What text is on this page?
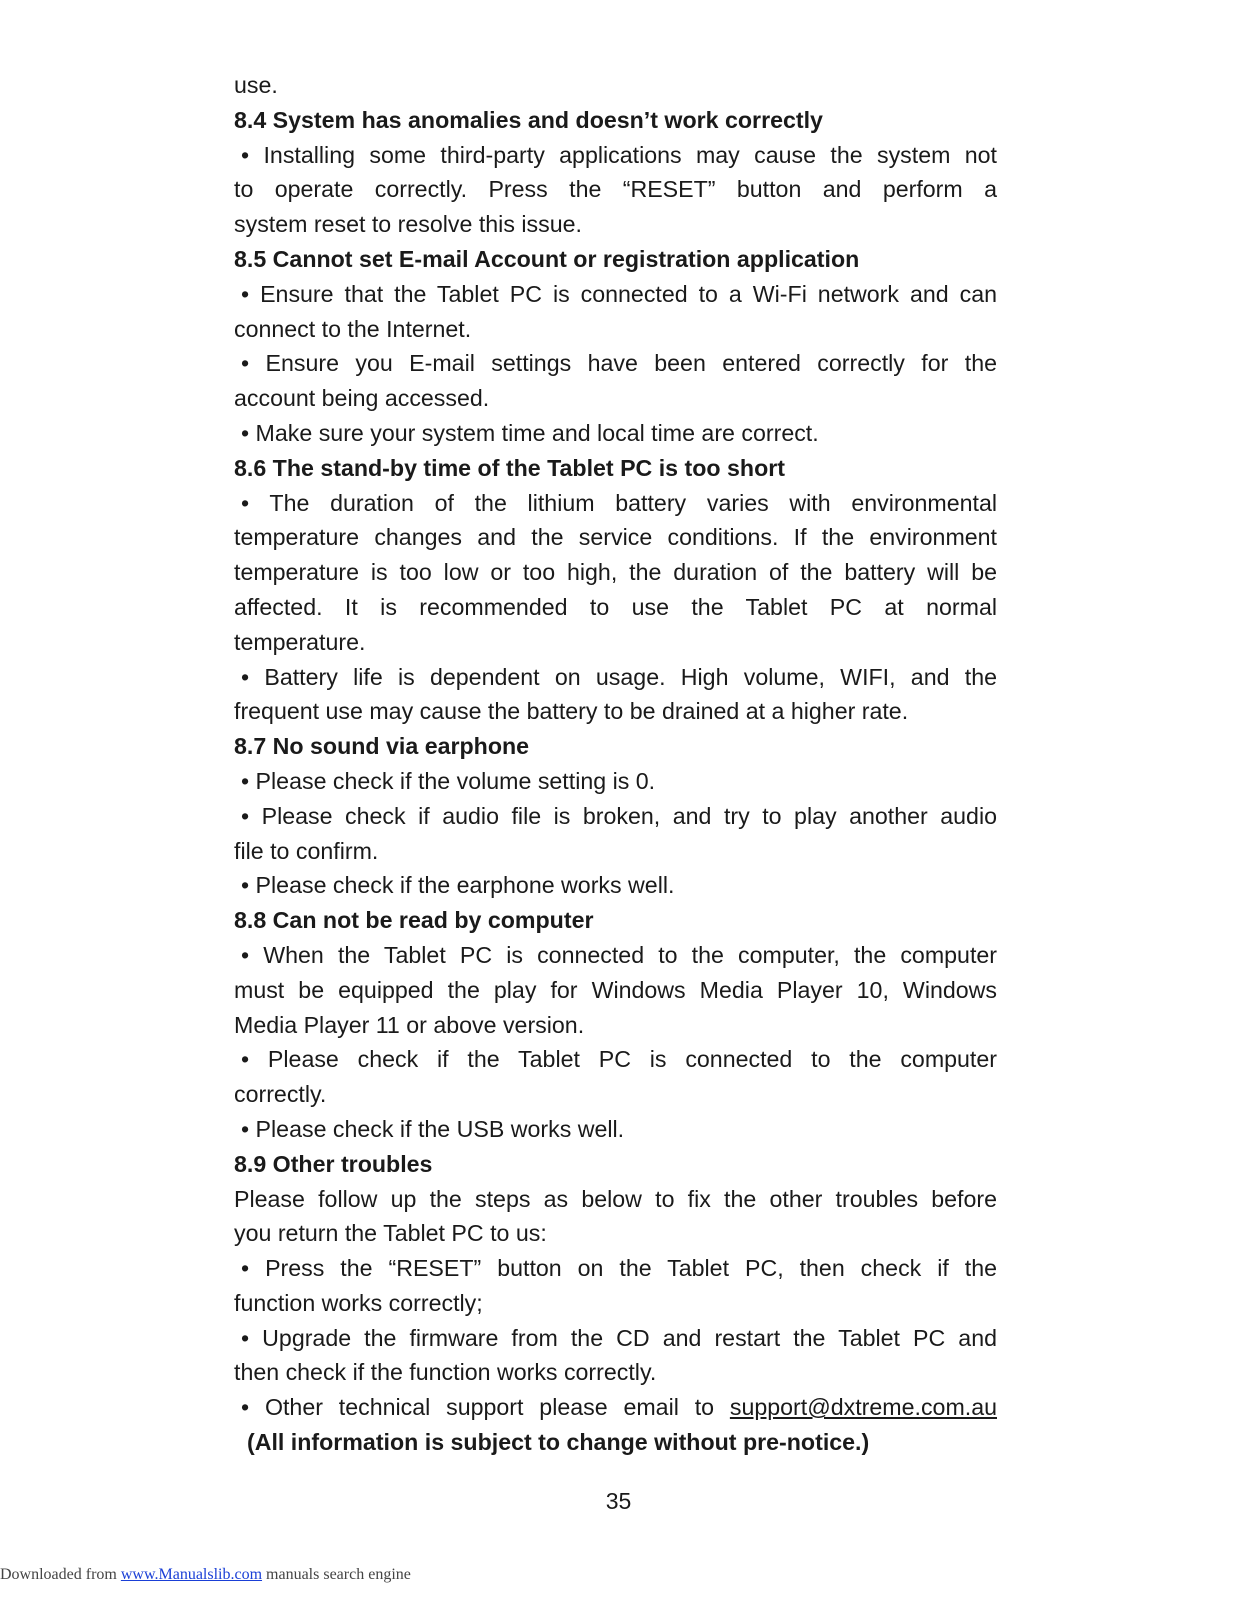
use.
8.4 System has anomalies and doesn’t work correctly
• Installing some third-party applications may cause the system not
to operate correctly. Press the “RESET” button and perform a
system reset to resolve this issue.
8.5 Cannot set E-mail Account or registration application
• Ensure that the Tablet PC is connected to a Wi-Fi network and can
connect to the Internet.
• Ensure you E-mail settings have been entered correctly for the
account being accessed.
• Make sure your system time and local time are correct.
8.6 The stand-by time of the Tablet PC is too short
• The duration of the lithium battery varies with environmental
temperature changes and the service conditions. If the environment
temperature is too low or too high, the duration of the battery will be
affected. It is recommended to use the Tablet PC at normal
temperature.
• Battery life is dependent on usage. High volume, WIFI, and the
frequent use may cause the battery to be drained at a higher rate.
8.7 No sound via earphone
• Please check if the volume setting is 0.
• Please check if audio file is broken, and try to play another audio
file to confirm.
• Please check if the earphone works well.
8.8 Can not be read by computer
• When the Tablet PC is connected to the computer, the computer
must be equipped the play for Windows Media Player 10, Windows
Media Player 11 or above version.
• Please check if the Tablet PC is connected to the computer
correctly.
• Please check if the USB works well.
8.9 Other troubles
Please follow up the steps as below to fix the other troubles before
you return the Tablet PC to us:
• Press the “RESET” button on the Tablet PC, then check if the
function works correctly;
• Upgrade the firmware from the CD and restart the Tablet PC and
then check if the function works correctly.
• Other technical support please email to support@dxtreme.com.au
(All information is subject to change without pre-notice.)
35
Downloaded from www.Manualslib.com manuals search engine
